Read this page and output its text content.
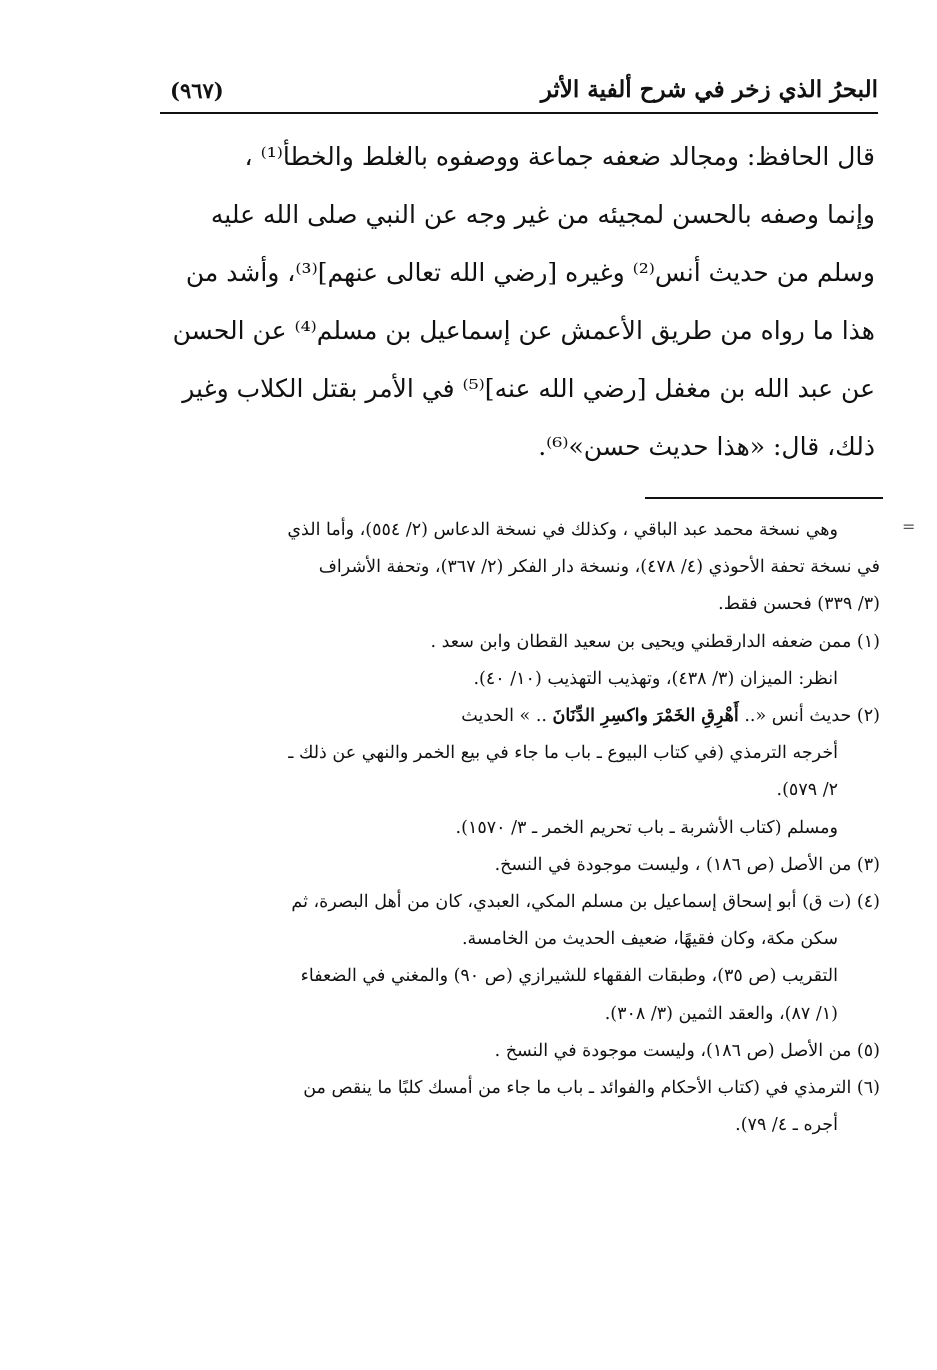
البحرُ الذي زخر في شرح ألفية الأثر
(٩٦٧)

قال الحافظ: ومجالد ضعفه جماعة ووصفوه بالغلط والخطأ⁽¹⁾ ،

وإنما وصفه بالحسن لمجيئه من غير وجه عن النبي صلى الله عليه

وسلم من حديث أنس⁽²⁾ وغيره [رضي الله تعالى عنهم]⁽³⁾، وأشد من

هذا ما رواه من طريق الأعمش عن إسماعيل بن مسلم⁽⁴⁾ عن الحسن

عن عبد الله بن مغفل [رضي الله عنه]⁽⁵⁾ في الأمر بقتل الكلاب وغير

ذلك، قال: «هذا حديث حسن»⁽⁶⁾.

=

وهي نسخة محمد عبد الباقي ، وكذلك في نسخة الدعاس (٢/ ٥٥٤)، وأما الذي

في نسخة تحفة الأحوذي (٤/ ٤٧٨)، ونسخة دار الفكر (٢/ ٣٦٧)، وتحفة الأشراف

(٣/ ٣٣٩) فحسن فقط.

(١) ممن ضعفه الدارقطني ويحيى بن سعيد القطان وابن سعد .

انظر: الميزان (٣/ ٤٣٨)، وتهذيب التهذيب (١٠/ ٤٠).

(٢) حديث أنس «.. أَهْرِقِ الخَمْرَ واكسِرِ الدِّنَانَ .. » الحديث

أخرجه الترمذي (في كتاب البيوع ـ باب ما جاء في بيع الخمر والنهي عن ذلك ـ

٢/ ٥٧٩).

ومسلم (كتاب الأشربة ـ باب تحريم الخمر ـ ٣/ ١٥٧٠).

(٣) من الأصل (ص ١٨٦) ، وليست موجودة في النسخ.

(٤) (ت ق) أبو إسحاق إسماعيل بن مسلم المكي، العبدي، كان من أهل البصرة، ثم

سكن مكة، وكان فقيهًا، ضعيف الحديث من الخامسة.

التقريب (ص ٣٥)، وطبقات الفقهاء للشيرازي (ص ٩٠) والمغني في الضعفاء

(١/ ٨٧)، والعقد الثمين (٣/ ٣٠٨).

(٥) من الأصل (ص ١٨٦)، وليست موجودة في النسخ .

(٦) الترمذي في (كتاب الأحكام والفوائد ـ باب ما جاء من أمسك كلبًا ما ينقص من

أجره ـ ٤/ ٧٩).
